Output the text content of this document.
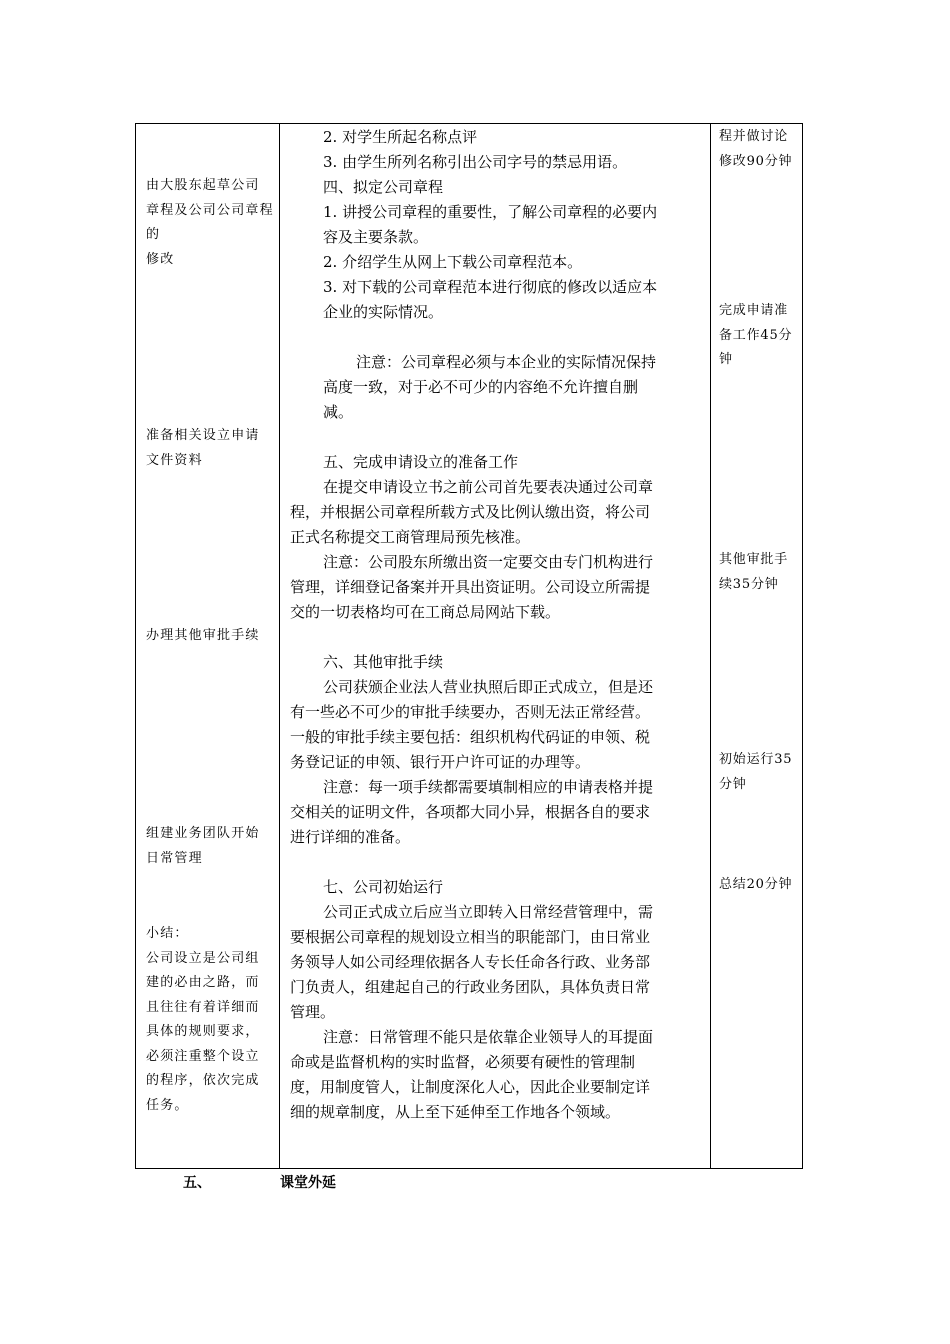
由大股东起草公司
章程及公司公司章程的
修改
准备相关设立申请
文件资料
办理其他审批手续
组建业务团队开始
日常管理
小结：
公司设立是公司组
建的必由之路，而
且往往有着详细而
具体的规则要求，
必须注重整个设立
的程序，依次完成
任务。
2. 对学生所起名称点评
3. 由学生所列名称引出公司字号的禁忌用语。
四、拟定公司章程
1. 讲授公司章程的重要性，了解公司章程的必要内
容及主要条款。
2. 介绍学生从网上下载公司章程范本。
3. 对下载的公司章程范本进行彻底的修改以适应本
企业的实际情况。
注意：公司章程必须与本企业的实际情况保持
高度一致，对于必不可少的内容绝不允许擅自删
减。
五、完成申请设立的准备工作
在提交申请设立书之前公司首先要表决通过公司章
程，并根据公司章程所载方式及比例认缴出资，将公司
正式名称提交工商管理局预先核准。
注意：公司股东所缴出资一定要交由专门机构进行
管理，详细登记备案并开具出资证明。公司设立所需提
交的一切表格均可在工商总局网站下载。
六、其他审批手续
公司获颁企业法人营业执照后即正式成立，但是还
有一些必不可少的审批手续要办，否则无法正常经营。
一般的审批手续主要包括：组织机构代码证的申领、税
务登记证的申领、银行开户许可证的办理等。
注意：每一项手续都需要填制相应的申请表格并提
交相关的证明文件，各项都大同小异，根据各自的要求
进行详细的准备。
七、公司初始运行
公司正式成立后应当立即转入日常经营管理中，需
要根据公司章程的规划设立相当的职能部门，由日常业
务领导人如公司经理依据各人专长任命各行政、业务部
门负责人，组建起自己的行政业务团队，具体负责日常
管理。
注意：日常管理不能只是依靠企业领导人的耳提面
命或是监督机构的实时监督，必须要有硬性的管理制
度，用制度管人，让制度深化人心，因此企业要制定详
细的规章制度，从上至下延伸至工作地各个领域。
程并做讨论
修改90分钟
完成申请准
备工作45分
钟
其他审批手
续35分钟
初始运行35
分钟
总结20分钟
五、	课堂外延
